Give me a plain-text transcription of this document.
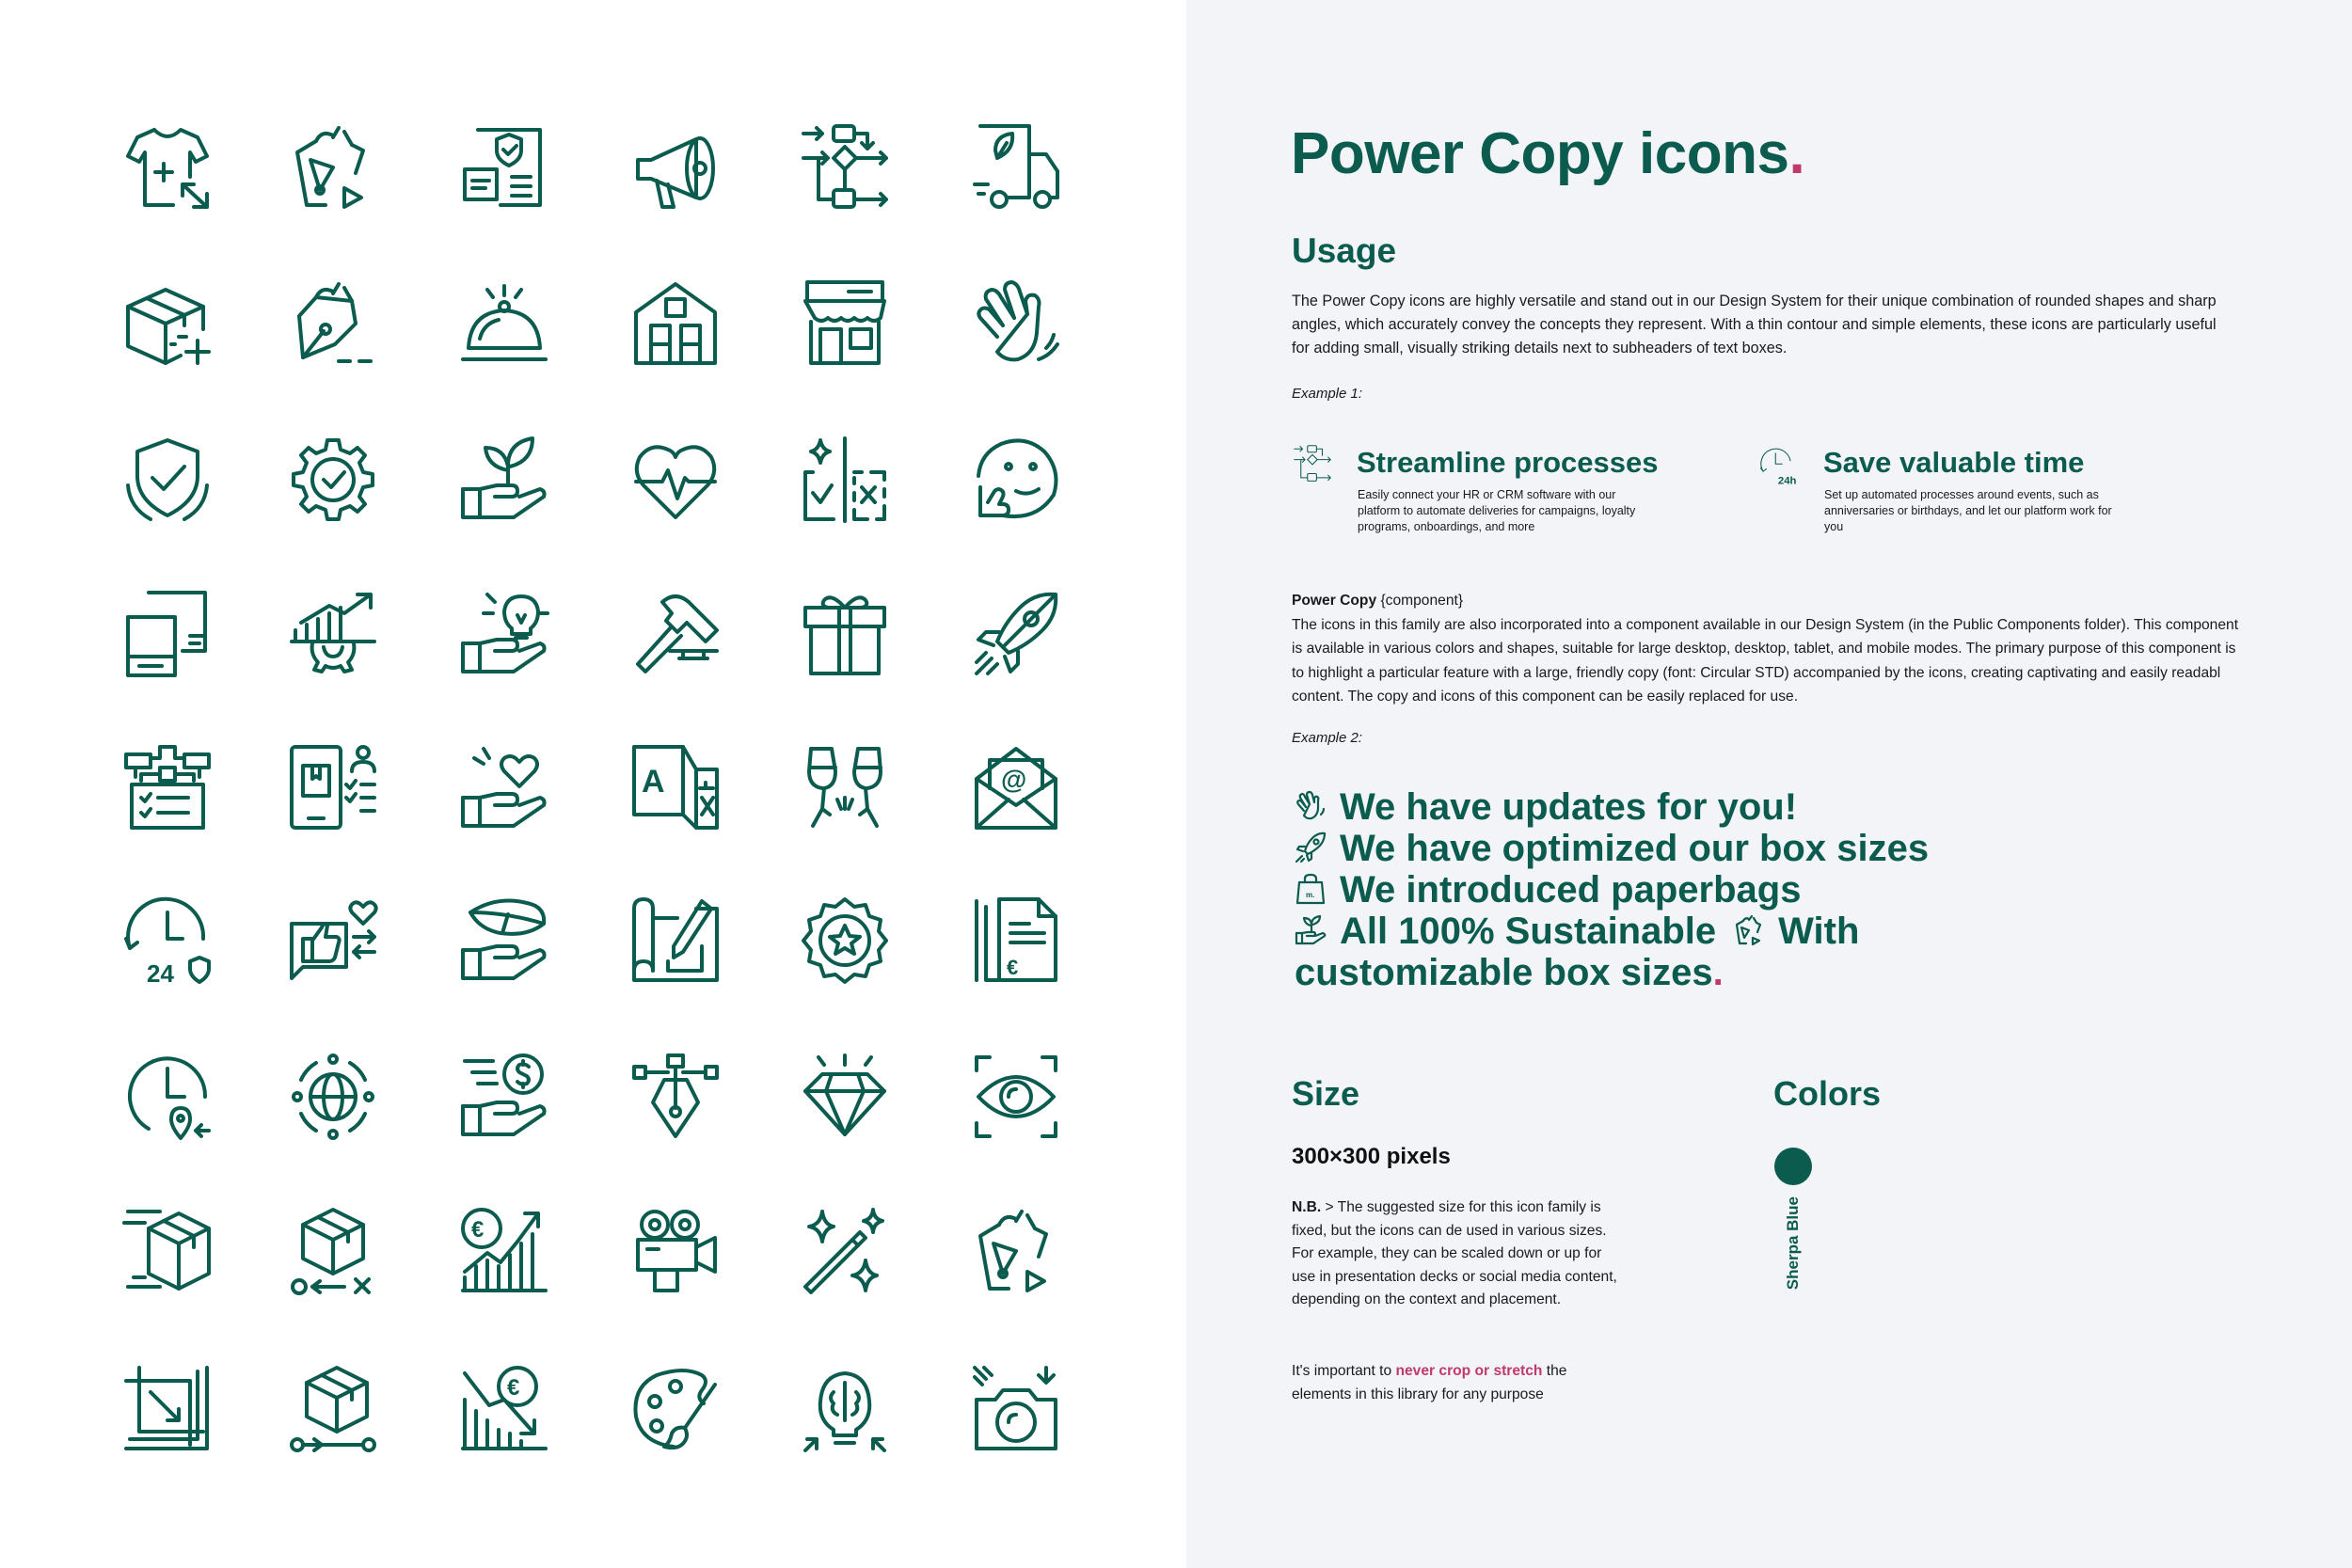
A	@
24	€
€
€
Power Copy icons.
Usage
The Power Copy icons are highly versatile and stand out in our Design System for their unique combination of rounded shapes and sharp angles, which accurately convey the concepts they represent. With a thin contour and simple elements, these icons are particularly useful for adding small, visually striking details next to subheaders of text boxes.
Example 1:
Streamline processes
Easily connect your HR or CRM software with our platform to automate deliveries for campaigns, loyalty programs, onboardings, and more
24h
Save valuable time
Set up automated processes around events, such as anniversaries or birthdays, and let our platform work for you
Power Copy {component}
The icons in this family are also incorporated into a component available in our Design System (in the Public Components folder). This component is available in various colors and shapes, suitable for large desktop, desktop, tablet, and mobile modes. The primary purpose of this component is to highlight a particular feature with a large, friendly copy (font: Circular STD) accompanied by the icons, creating captivating and easily readabl content. The copy and icons of this component can be easily replaced for use.
Example 2:
We have updates for you!
We have optimized our box sizes
m. We introduced paperbags
All 100% Sustainable With
customizable box sizes.
Size
300×300 pixels
N.B. > The suggested size for this icon family is fixed, but the icons can de used in various sizes. For example, they can be scaled down or up for use in presentation decks or social media content, depending on the context and placement.
It's important to never crop or stretch the elements in this library for any purpose
Colors
Sherpa Blue
